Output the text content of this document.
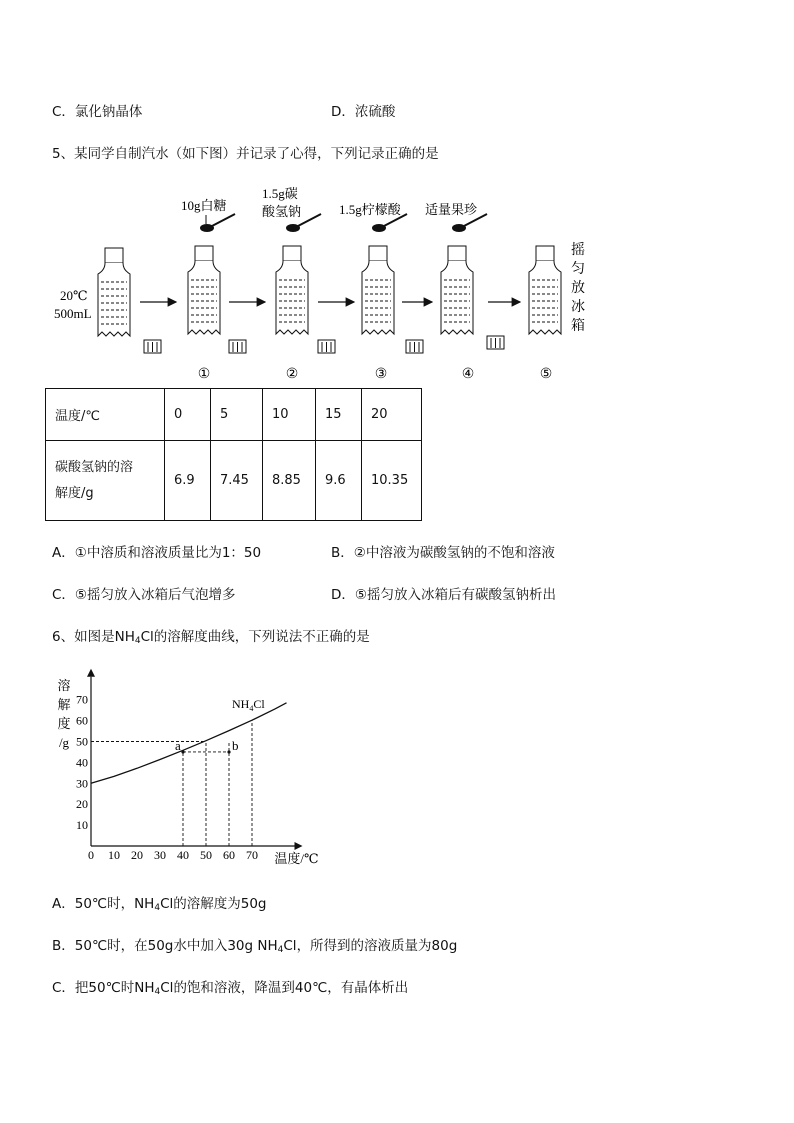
C．氯化钠晶体	D．浓硫酸
5、某同学自制汽水（如下图）并记录了心得，下列记录正确的是
20℃
500mL
10g白糖
①
1.5g碳
酸氢钠
②
1.5g柠檬酸
③
适量果珍
④	⑤
摇
匀
放
冰
箱
温度/℃	0	5	10	15	20

碳酸氢钠的溶
解度/g	6.9	7.45	8.85	9.6	10.35
A．①中溶质和溶液质量比为1：50	B．②中溶液为碳酸氢钠的不饱和溶液
C．⑤摇匀放入冰箱后气泡增多	D．⑤摇匀放入冰箱后有碳酸氢钠析出
6、如图是$NH_4Cl$的溶解度曲线，下列说法不正确的是
10
20
30
40
50
60
70
0 10 20 30 40 50 60 70 温度/℃
溶
解
度
/g
$NH_4Cl$
a	b
A．50℃时，$NH_4Cl$的溶解度为50g
B．50℃时，在50g水中加入30g $NH_4Cl$，所得到的溶液质量为80g
C．把50℃时$NH_4Cl$的饱和溶液，降温到40℃，有晶体析出
